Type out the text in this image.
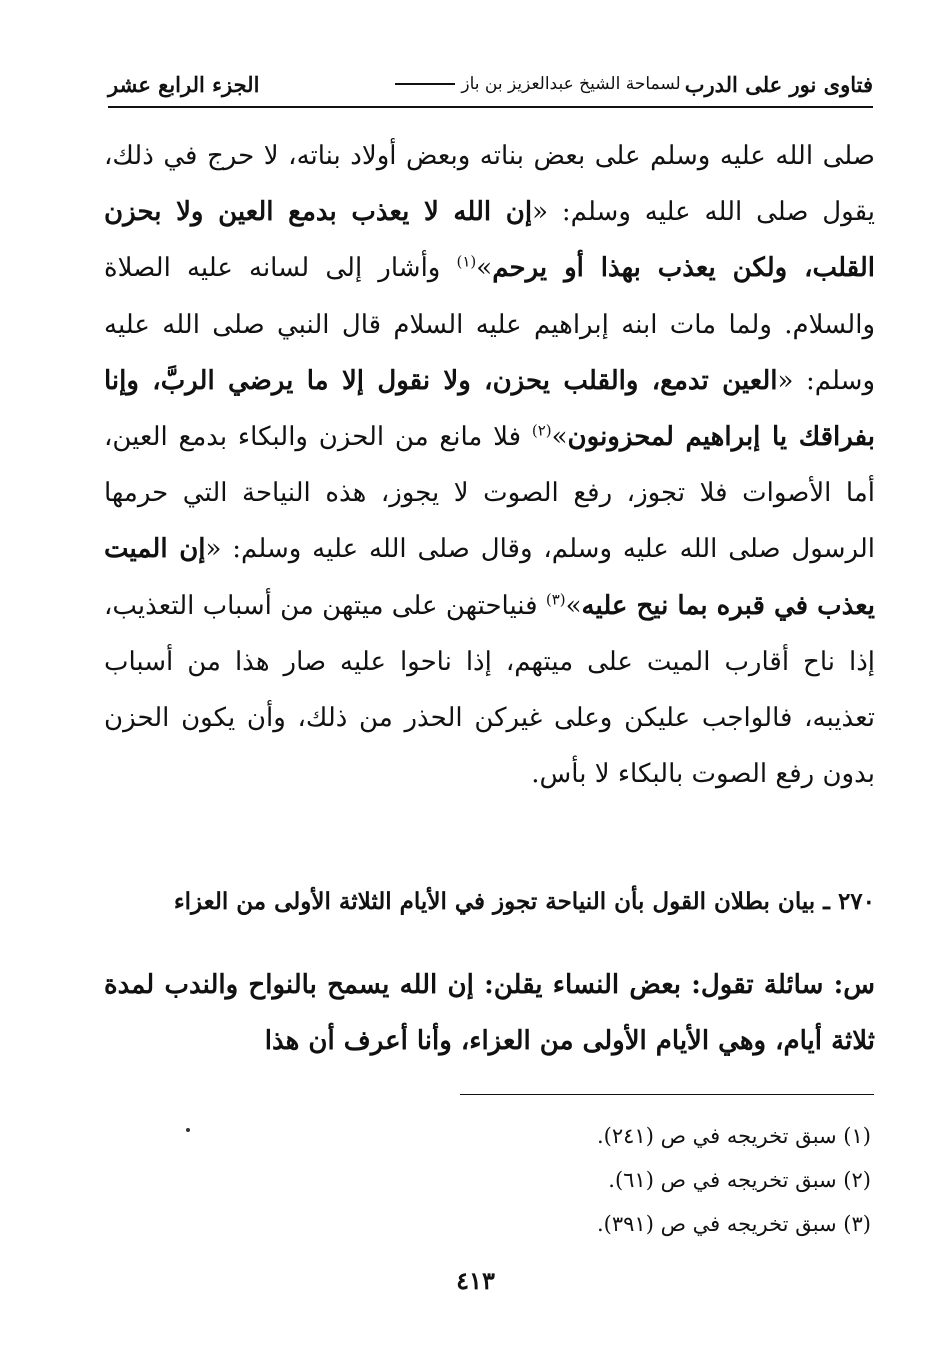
فتاوى نور على الدرب
لسماحة الشيخ عبدالعزيز بن باز
الجزء الرابع عشر

صلى الله عليه وسلم على بعض بناته وبعض أولاد بناته، لا حرج في ذلك، يقول صلى الله عليه وسلم: «إن الله لا يعذب بدمع العين ولا بحزن القلب، ولكن يعذب بهذا أو يرحم»$^{(١)}$ وأشار إلى لسانه عليه الصلاة والسلام. ولما مات ابنه إبراهيم عليه السلام قال النبي صلى الله عليه وسلم: «العين تدمع، والقلب يحزن، ولا نقول إلا ما يرضي الربَّ، وإنا بفراقك يا إبراهيم لمحزونون»$^{(٢)}$ فلا مانع من الحزن والبكاء بدمع العين، أما الأصوات فلا تجوز، رفع الصوت لا يجوز، هذه النياحة التي حرمها الرسول صلى الله عليه وسلم، وقال صلى الله عليه وسلم: «إن الميت يعذب في قبره بما نيح عليه»$^{(٣)}$ فنياحتهن على ميتهن من أسباب التعذيب، إذا ناح أقارب الميت على ميتهم، إذا ناحوا عليه صار هذا من أسباب تعذيبه، فالواجب عليكن وعلى غيركن الحذر من ذلك، وأن يكون الحزن بدون رفع الصوت بالبكاء لا بأس.

٢٧٠ ـ بيان بطلان القول بأن النياحة تجوز في الأيام الثلاثة الأولى من العزاء

س: سائلة تقول: بعض النساء يقلن: إن الله يسمح بالنواح والندب لمدة ثلاثة أيام، وهي الأيام الأولى من العزاء، وأنا أعرف أن هذا

(١) سبق تخريجه في ص (٢٤١).
(٢) سبق تخريجه في ص (٦١).
(٣) سبق تخريجه في ص (٣٩١).
٤١٣
